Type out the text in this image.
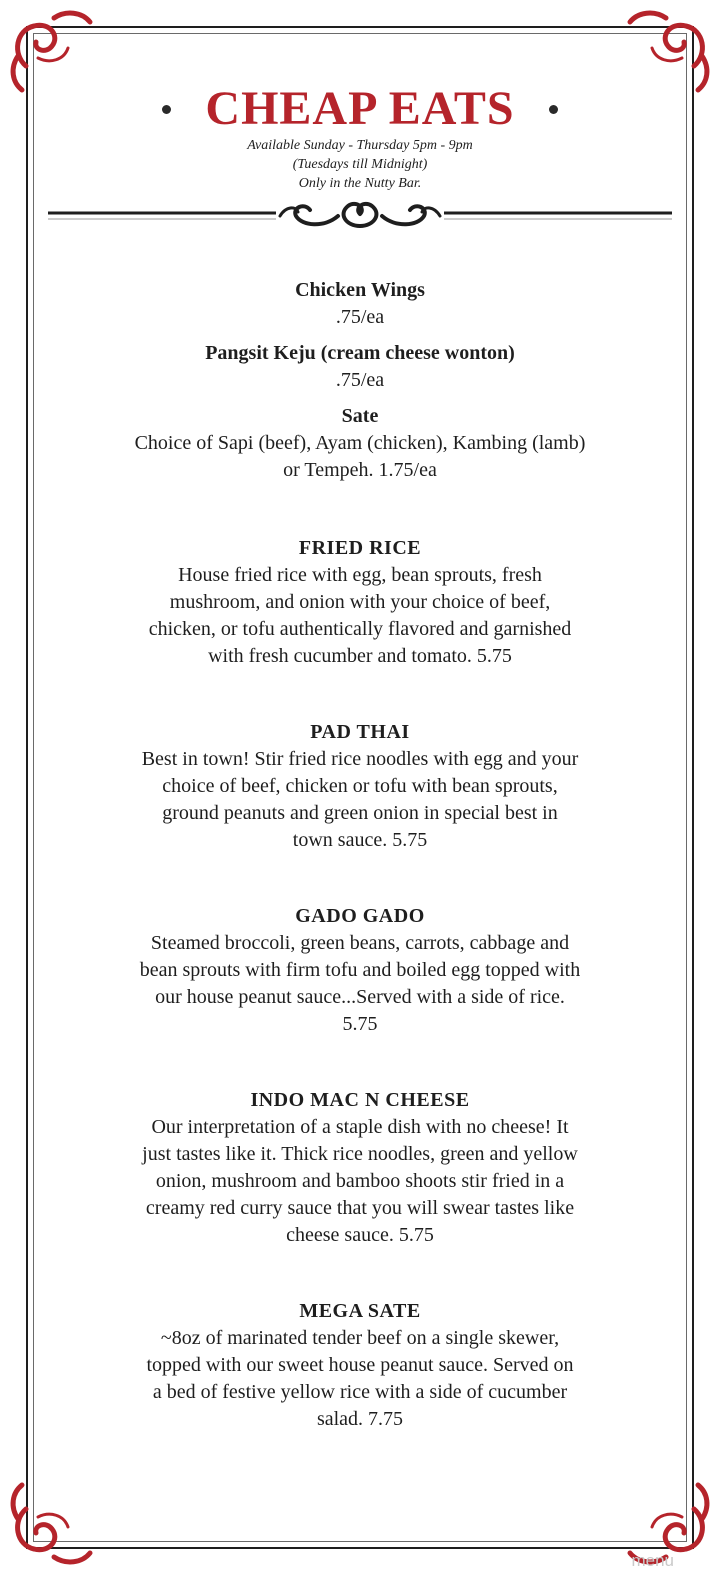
CHEAP EATS

Available Sunday - Thursday 5pm - 9pm

(Tuesdays till Midnight)

Only in the Nutty Bar.

Chicken Wings

.75/ea

Pangsit Keju (cream cheese wonton)

.75/ea

Sate

Choice of Sapi (beef), Ayam (chicken), Kambing (lamb)

or Tempeh. 1.75/ea

FRIED RICE

House fried rice with egg, bean sprouts, fresh

mushroom, and onion with your choice of beef,

chicken, or tofu authentically flavored and garnished

with fresh cucumber and tomato. 5.75

PAD THAI

Best in town! Stir fried rice noodles with egg and your

choice of beef, chicken or tofu with bean sprouts,

ground peanuts and green onion in special best in

town sauce. 5.75

GADO GADO

Steamed broccoli, green beans, carrots, cabbage and

bean sprouts with firm tofu and boiled egg topped with

our house peanut sauce...Served with a side of rice.

5.75

INDO MAC N CHEESE

Our interpretation of a staple dish with no cheese! It

just tastes like it. Thick rice noodles, green and yellow

onion, mushroom and bamboo shoots stir fried in a

creamy red curry sauce that you will swear tastes like

cheese sauce. 5.75

MEGA SATE

~8oz of marinated tender beef on a single skewer,

topped with our sweet house peanut sauce. Served on

a bed of festive yellow rice with a side of cucumber

salad. 7.75

menu
